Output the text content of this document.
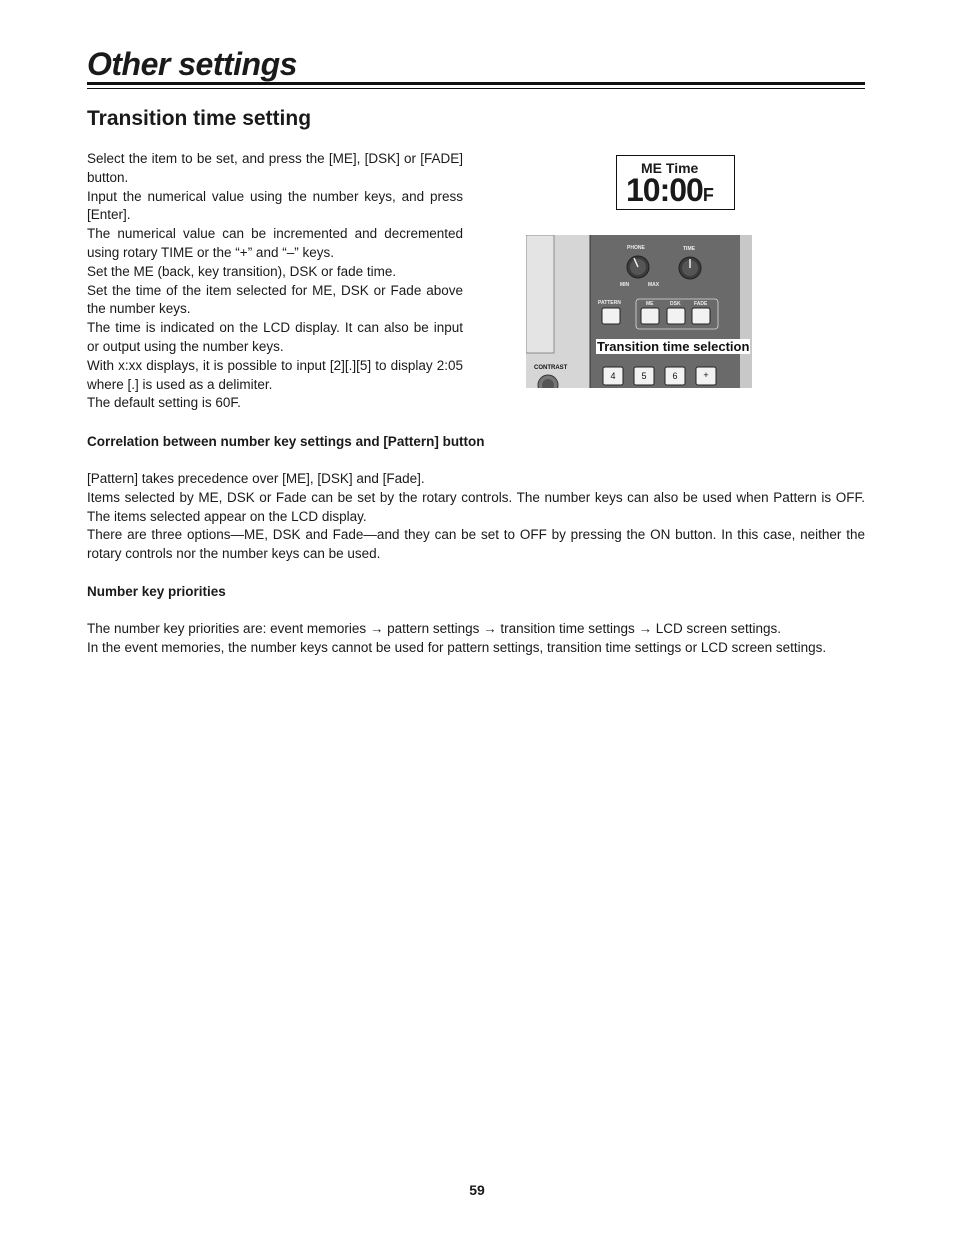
Other settings
Transition time setting

Select the item to be set, and press the [ME], [DSK] or [FADE] button.

Input the numerical value using the number keys, and press [Enter].

The numerical value can be incremented and decremented using rotary TIME or the “+” and “–” keys.

Set the ME (back, key transition), DSK or fade time.

Set the time of the item selected for ME, DSK or Fade above the number keys.

The time is indicated on the LCD display. It can also be input or output using the number keys.

With x:xx displays, it is possible to input [2][.][5] to display 2:05 where [.] is used as a delimiter.

The default setting is 60F.

ME Time
10:00F
PHONE	TIME
MIN	MAX
PATTERN	ME	DSK	FADE
CONTRAST
4	5	6	+
Transition time selection
Correlation between number key settings and [Pattern] button

[Pattern] takes precedence over [ME], [DSK] and [Fade].

Items selected by ME, DSK or Fade can be set by the rotary controls. The number keys can also be used when Pattern is OFF. The items selected appear on the LCD display.

There are three options—ME, DSK and Fade—and they can be set to OFF by pressing the ON button. In this case, neither the rotary controls nor the number keys can be used.

Number key priorities

The number key priorities are: event memories → pattern settings → transition time settings → LCD screen settings.

In the event memories, the number keys cannot be used for pattern settings, transition time settings or LCD screen settings.

59
